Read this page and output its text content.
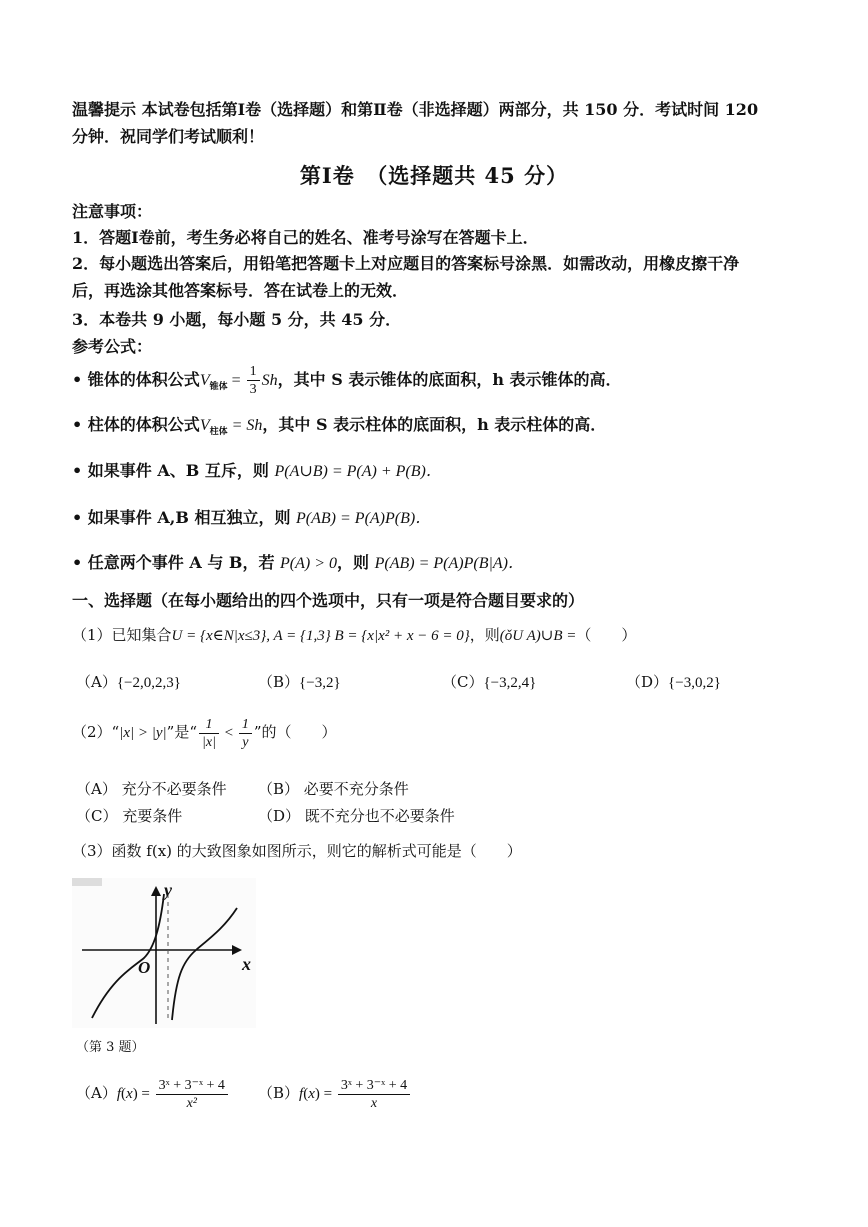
温馨提示 本试卷包括第Ⅰ卷（选择题）和第Ⅱ卷（非选择题）两部分，共 150 分．考试时间 120
分钟．祝同学们考试顺利！
第Ⅰ卷　（选择题共 45 分）
注意事项：
1．答题Ⅰ卷前，考生务必将自己的姓名、准考号涂写在答题卡上．
2．每小题选出答案后，用铅笔把答题卡上对应题目的答案标号涂黑．如需改动，用橡皮擦干净
后，再选涂其他答案标号．答在试卷上的无效．
3．本卷共 9 小题，每小题 5 分，共 45 分．
参考公式：
• 锥体的体积公式$V_{锥体} = \frac{1}{3}$ Sh，其中 S 表示锥体的底面积，h 表示锥体的高．
• 柱体的体积公式$V_{柱体} = Sh$，其中 S 表示柱体的底面积，h 表示柱体的高．
• 如果事件 A、B 互斥，则 P(A∪B) = P(A) + P(B)．
• 如果事件 A,B 相互独立，则 P(AB) = P(A)P(B)．
• 任意两个事件 A 与 B，若 P(A) > 0，则 P(AB) = P(A)P(B|A)．
一、选择题（在每小题给出的四个选项中，只有一项是符合题目要求的）
（1）已知集合U = {x∈N|x≤3}, A = {1,3} B = {x|x² + x − 6 = 0}，则(ǒU A)∪B =（　　）
（A）{−2,0,2,3}	（B）{−3,2}	（C）{−3,2,4}	（D）{−3,0,2}
（2）“|x| > |y|”是“ $\frac{1}{|x|} < \frac{1}{y}$ ”的（　　）
（A） 充分不必要条件 （B） 必要不充分条件
（C） 充要条件	（D） 既不充分也不必要条件
（3）函数 f(x) 的大致图象如图所示，则它的解析式可能是（　　）
x
y
O
（第 3 题）
$(A)f(x) = \frac{\text{3ˣ + 3⁻ˣ + 4}}{\text{x²}} (B)f(x) = \frac{\text{3ˣ + 3⁻ˣ + 4}}{x}$
